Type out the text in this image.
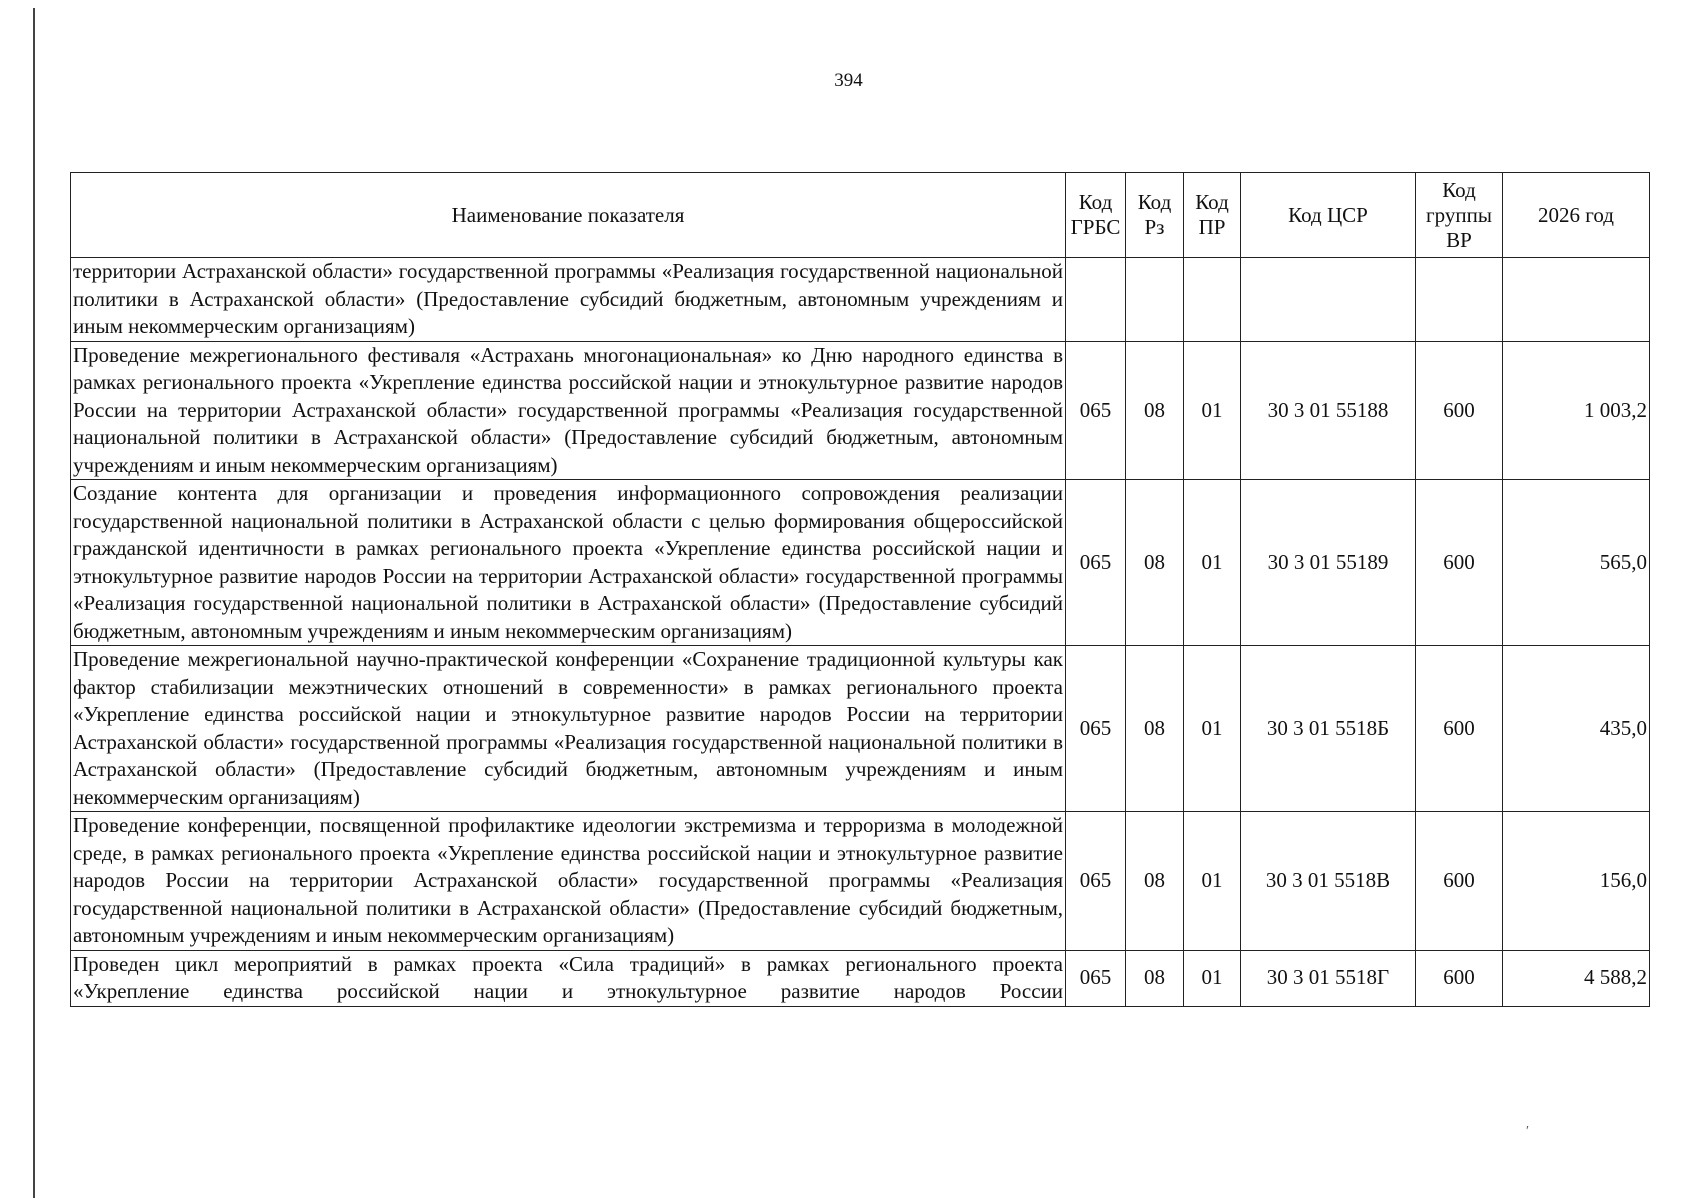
394
Наименование показателя	Код ГРБС	Код Рз	Код ПР	Код ЦСР	Код группы ВР	2026 год
территории Астраханской области» государственной программы «Реализация государственной национальной политики в Астраханской области» (Предоставление субсидий бюджетным, автономным учреждениям и иным некоммерческим организациям)						
Проведение межрегионального фестиваля «Астрахань многонациональная» ко Дню народного единства в рамках регионального проекта «Укрепление единства российской нации и этнокультурное развитие народов России на территории Астраханской области» государственной программы «Реализация государственной национальной политики в Астраханской области» (Предоставление субсидий бюджетным, автономным учреждениям и иным некоммерческим организациям)	065	08	01	30 3 01 55188	600	1 003,2
Создание контента для организации и проведения информационного сопровождения реализации государственной национальной политики в Астраханской области с целью формирования общероссийской гражданской идентичности в рамках регионального проекта «Укрепление единства российской нации и этнокультурное развитие народов России на территории Астраханской области» государственной программы «Реализация государственной национальной политики в Астраханской области» (Предоставление субсидий бюджетным, автономным учреждениям и иным некоммерческим организациям)	065	08	01	30 3 01 55189	600	565,0
Проведение межрегиональной научно-практической конференции «Сохранение традиционной культуры как фактор стабилизации межэтнических отношений в современности» в рамках регионального проекта «Укрепление единства российской нации и этнокультурное развитие народов России на территории Астраханской области» государственной программы «Реализация государственной национальной политики в Астраханской области» (Предоставление субсидий бюджетным, автономным учреждениям и иным некоммерческим организациям)	065	08	01	30 3 01 5518Б	600	435,0
Проведение конференции, посвященной профилактике идеологии экстремизма и терроризма в молодежной среде, в рамках регионального проекта «Укрепление единства российской нации и этнокультурное развитие народов России на территории Астраханской области» государственной программы «Реализация государственной национальной политики в Астраханской области» (Предоставление субсидий бюджетным, автономным учреждениям и иным некоммерческим организациям)	065	08	01	30 3 01 5518В	600	156,0
Проведен цикл мероприятий в рамках проекта «Сила традиций» в рамках регионального проекта «Укрепление единства российской нации и этнокультурное развитие народов России	065	08	01	30 3 01 5518Г	600	4 588,2
′
